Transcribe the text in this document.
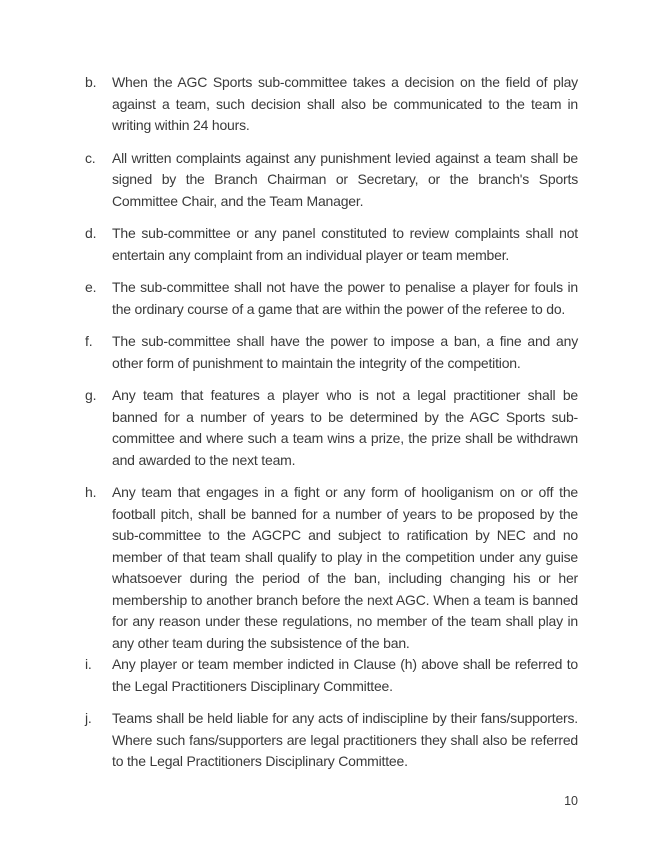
b.	When the AGC Sports sub-committee takes a decision on the field of play against a team, such decision shall also be communicated to the team in writing within 24 hours.
c.	All written complaints against any punishment levied against a team shall be signed by the Branch Chairman or Secretary, or the branch's Sports Committee Chair, and the Team Manager.
d.	The sub-committee or any panel constituted to review complaints shall not entertain any complaint from an individual player or team member.
e.	The sub-committee shall not have the power to penalise a player for fouls in the ordinary course of a game that are within the power of the referee to do.
f.	The sub-committee shall have the power to impose a ban, a fine and any other form of punishment to maintain the integrity of the competition.
g.	Any team that features a player who is not a legal practitioner shall be banned for a number of years to be determined by the AGC Sports sub-committee and where such a team wins a prize, the prize shall be withdrawn and awarded to the next team.
h.	Any team that engages in a fight or any form of hooliganism on or off the football pitch, shall be banned for a number of years to be proposed by the sub-committee to the AGCPC and subject to ratification by NEC and no member of that team shall qualify to play in the competition under any guise whatsoever during the period of the ban, including changing his or her membership to another branch before the next AGC. When a team is banned for any reason under these regulations, no member of the team shall play in any other team during the subsistence of the ban.
i.	Any player or team member indicted in Clause (h) above shall be referred to the Legal Practitioners Disciplinary Committee.
j.	Teams shall be held liable for any acts of indiscipline by their fans/supporters. Where such fans/supporters are legal practitioners they shall also be referred to the Legal Practitioners Disciplinary Committee.
10
